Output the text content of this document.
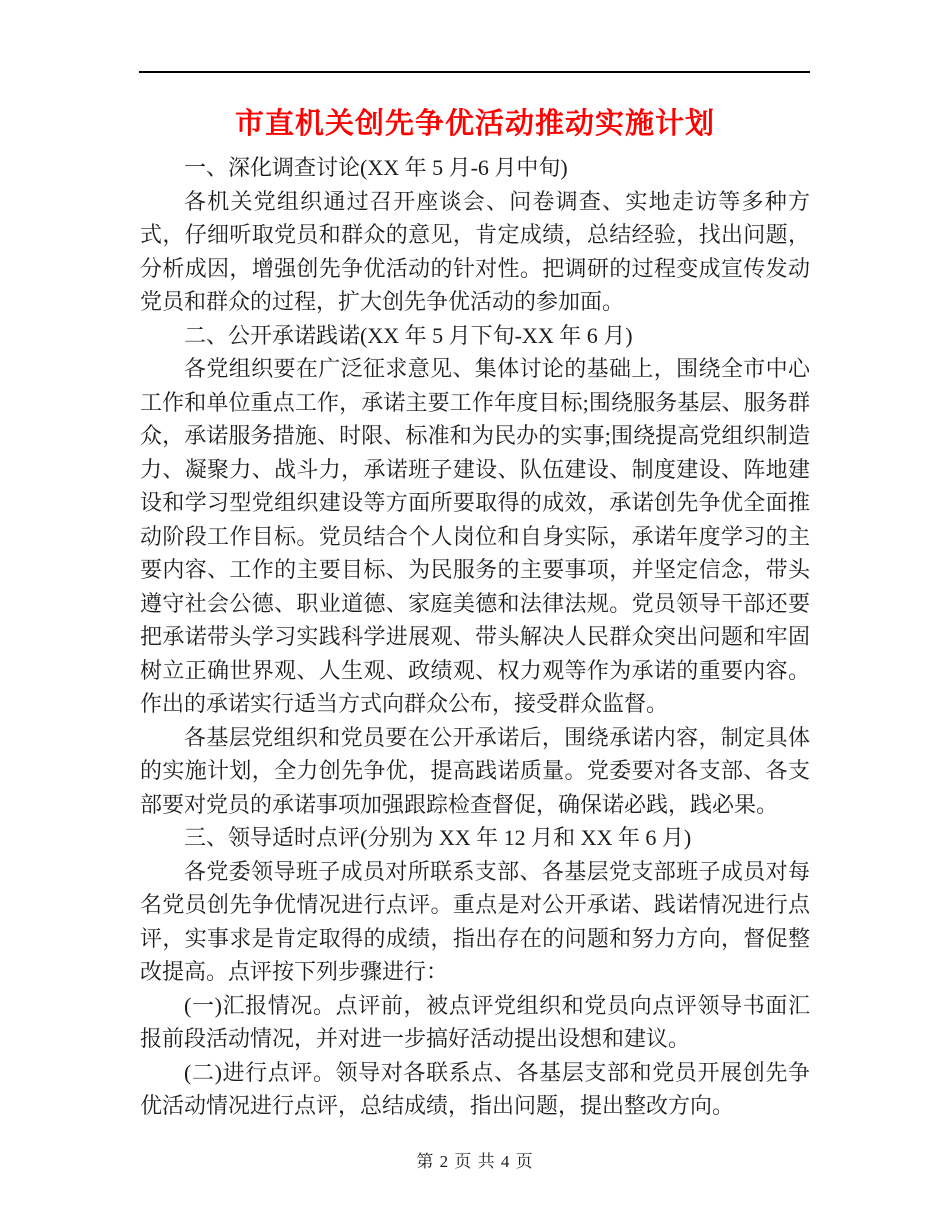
市直机关创先争优活动推动实施计划

一、深化调查讨论(XX 年 5 月-6 月中旬)

各机关党组织通过召开座谈会、问卷调查、实地走访等多种方式，仔细听取党员和群众的意见，肯定成绩，总结经验，找出问题，分析成因，增强创先争优活动的针对性。把调研的过程变成宣传发动党员和群众的过程，扩大创先争优活动的参加面。

二、公开承诺践诺(XX 年 5 月下旬-XX 年 6 月)

各党组织要在广泛征求意见、集体讨论的基础上，围绕全市中心工作和单位重点工作，承诺主要工作年度目标;围绕服务基层、服务群众，承诺服务措施、时限、标准和为民办的实事;围绕提高党组织制造力、凝聚力、战斗力，承诺班子建设、队伍建设、制度建设、阵地建设和学习型党组织建设等方面所要取得的成效，承诺创先争优全面推动阶段工作目标。党员结合个人岗位和自身实际，承诺年度学习的主要内容、工作的主要目标、为民服务的主要事项，并坚定信念，带头遵守社会公德、职业道德、家庭美德和法律法规。党员领导干部还要把承诺带头学习实践科学进展观、带头解决人民群众突出问题和牢固树立正确世界观、人生观、政绩观、权力观等作为承诺的重要内容。作出的承诺实行适当方式向群众公布，接受群众监督。

各基层党组织和党员要在公开承诺后，围绕承诺内容，制定具体的实施计划，全力创先争优，提高践诺质量。党委要对各支部、各支部要对党员的承诺事项加强跟踪检查督促，确保诺必践，践必果。

三、领导适时点评(分别为 XX 年 12 月和 XX 年 6 月)

各党委领导班子成员对所联系支部、各基层党支部班子成员对每名党员创先争优情况进行点评。重点是对公开承诺、践诺情况进行点评，实事求是肯定取得的成绩，指出存在的问题和努力方向，督促整改提高。点评按下列步骤进行：

(一)汇报情况。点评前，被点评党组织和党员向点评领导书面汇报前段活动情况，并对进一步搞好活动提出设想和建议。

(二)进行点评。领导对各联系点、各基层支部和党员开展创先争优活动情况进行点评，总结成绩，指出问题，提出整改方向。

第 2 页 共 4 页
